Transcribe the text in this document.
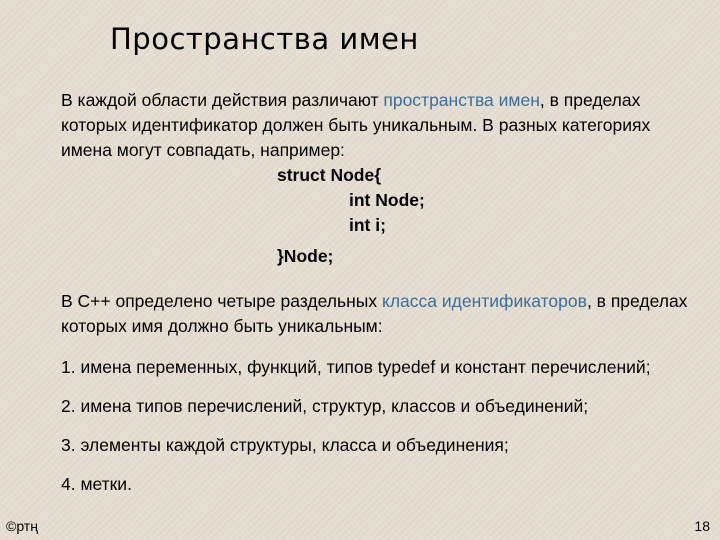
Пространства имен

В каждой области действия различают пространства имен, в пределах которых идентификатор должен быть уникальным. В разных категориях имена могут совпадать, например:

struct Node{
int Node;
int i;
}Node;

В С++ определено четыре раздельных класса идентификаторов, в пределах которых имя должно быть уникальным:

1. имена переменных, функций, типов typedef и констант перечислений;

2. имена типов перечислений, структур, классов и объединений;

3. элементы каждой структуры, класса и объединения;

4. метки.

©ртң	18
